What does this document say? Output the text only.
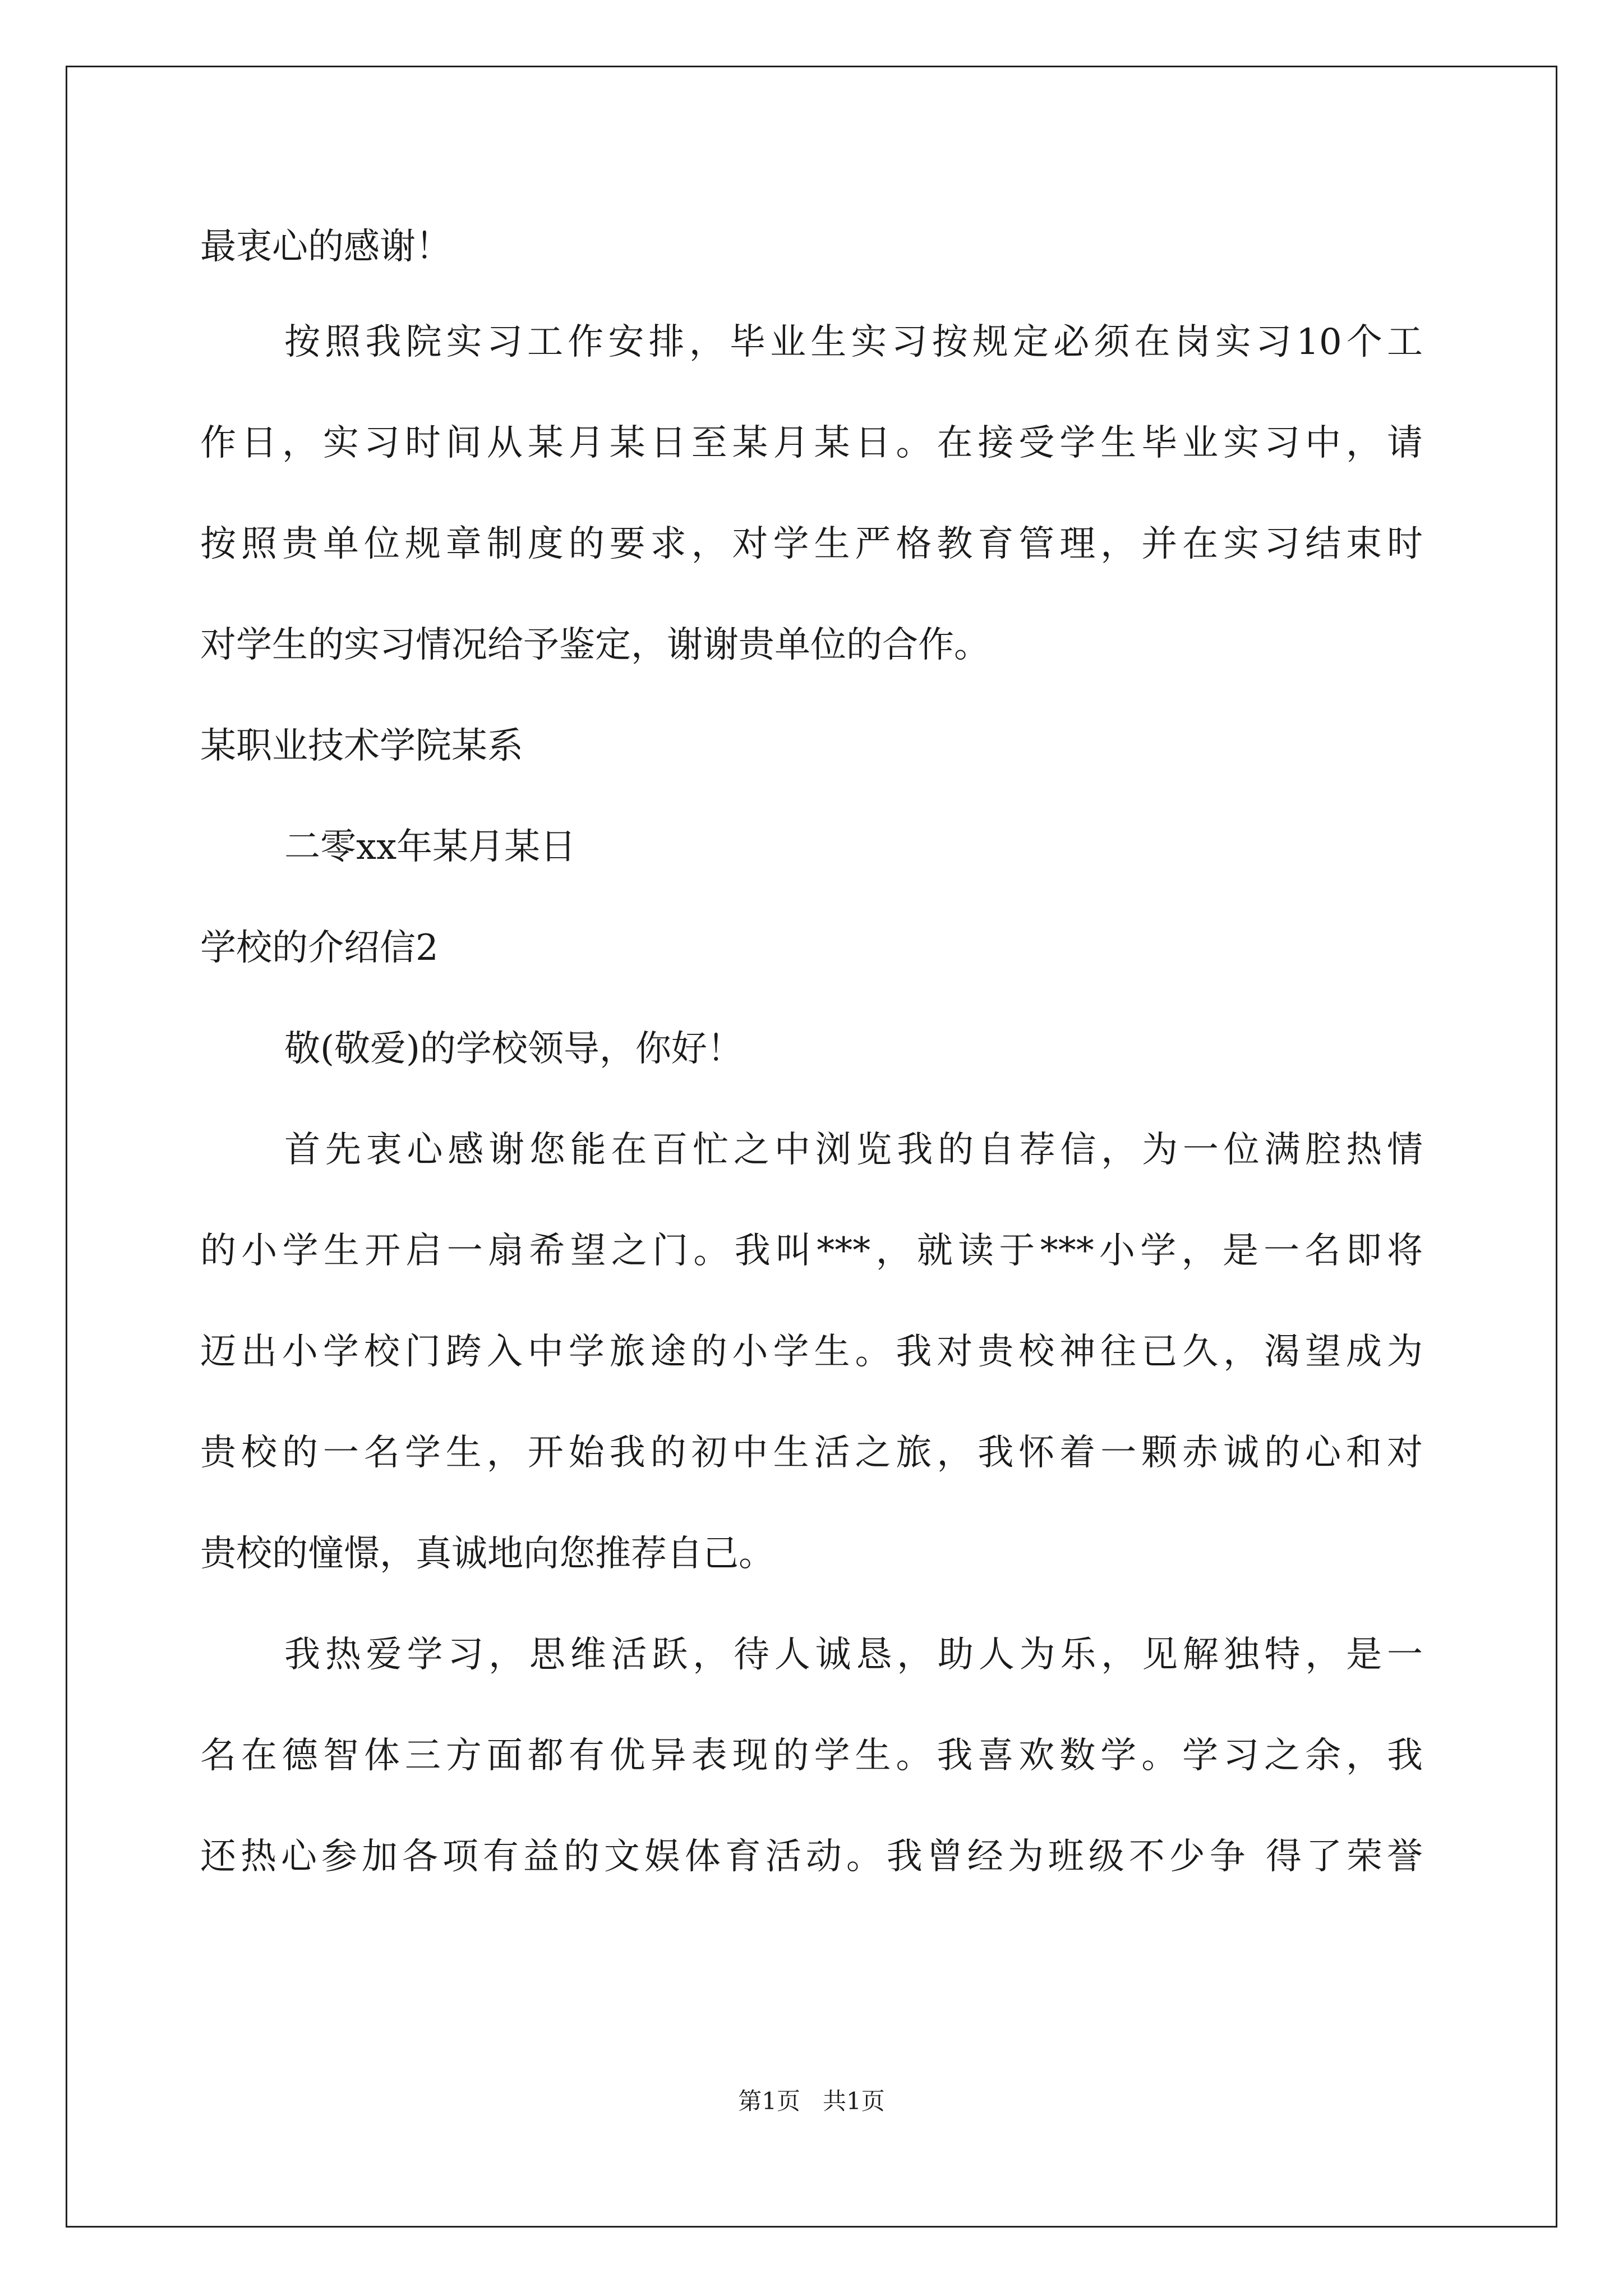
最衷心的感谢！

按照我院实习工作安排，毕业生实习按规定必须在岗实习10个工

作日，实习时间从某月某日至某月某日。在接受学生毕业实习中，请

按照贵单位规章制度的要求，对学生严格教育管理，并在实习结束时

对学生的实习情况给予鉴定，谢谢贵单位的合作。

某职业技术学院某系

二零xx年某月某日

学校的介绍信2

敬(敬爱)的学校领导，你好！

首先衷心感谢您能在百忙之中浏览我的自荐信，为一位满腔热情

的小学生开启一扇希望之门。我叫***，就读于***小学，是一名即将

迈出小学校门跨入中学旅途的小学生。我对贵校神往已久，渴望成为

贵校的一名学生，开始我的初中生活之旅，我怀着一颗赤诚的心和对

贵校的憧憬，真诚地向您推荐自己。

我热爱学习，思维活跃，待人诚恳，助人为乐，见解独特，是一

名在德智体三方面都有优异表现的学生。我喜欢数学。学习之余，我

还热心参加各项有益的文娱体育活动。我曾经为班级不少争 得了荣誉

第1页   共1页
